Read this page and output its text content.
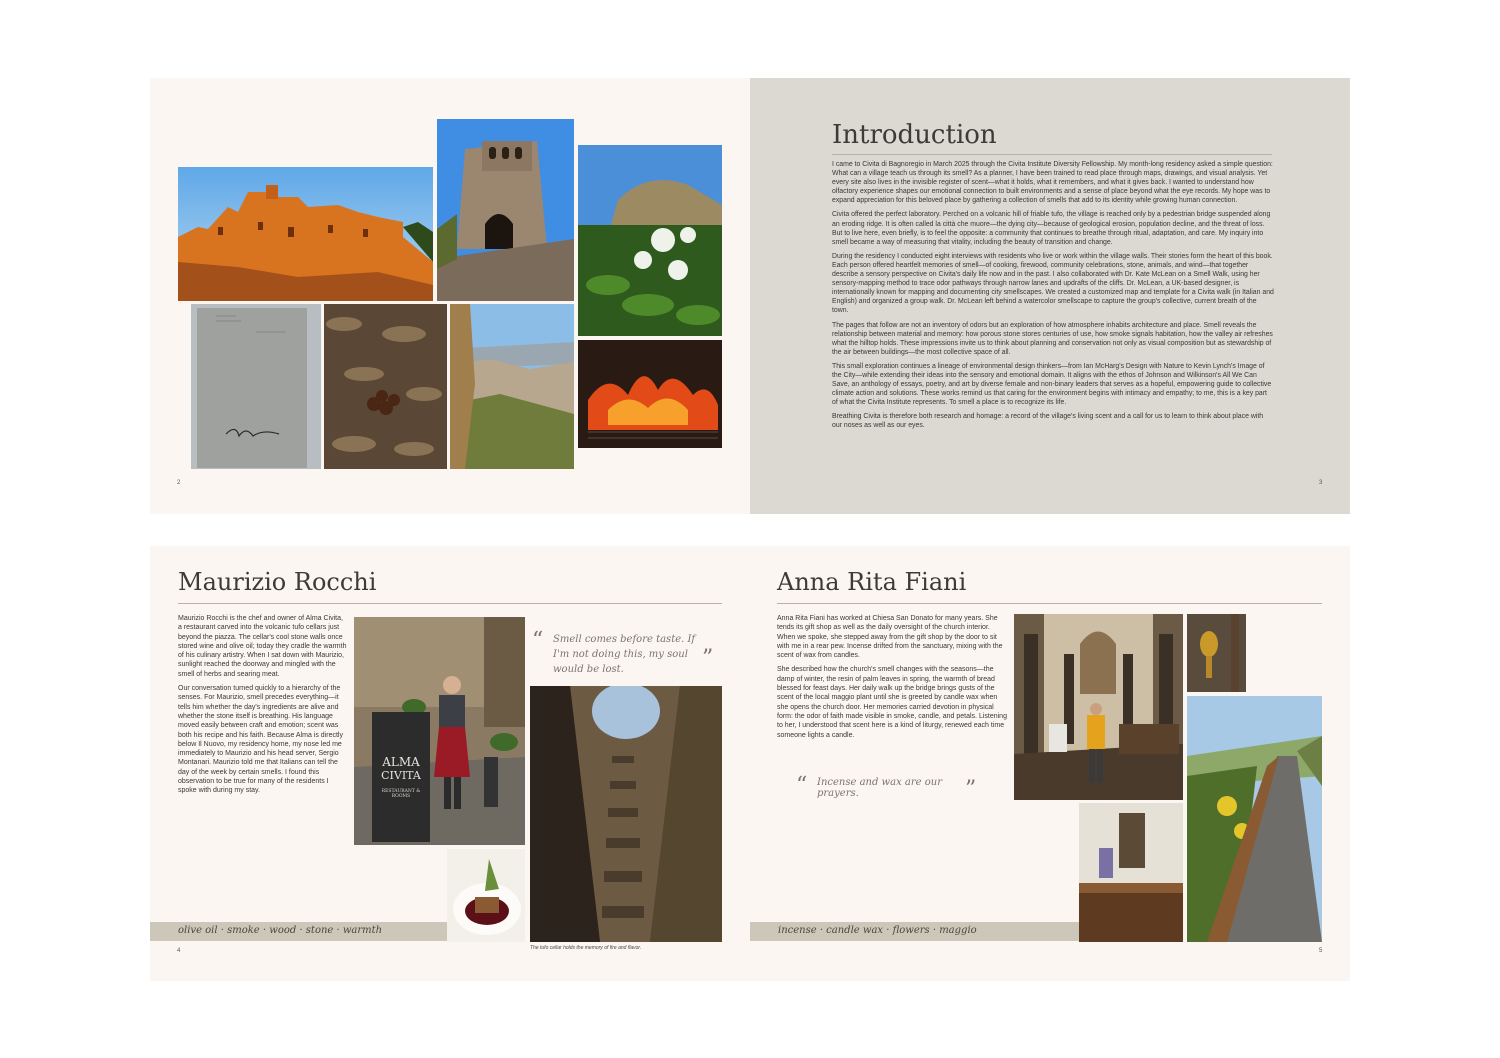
2
Introduction

I came to Civita di Bagnoregio in March 2025 through the Civita Institute Diversity Fellowship. My month-long residency asked a simple question: What can a village teach us through its smell? As a planner, I have been trained to read place through maps, drawings, and visual analysis. Yet every site also lives in the invisible register of scent—what it holds, what it remembers, and what it gives back. I wanted to understand how olfactory experience shapes our emotional connection to built environments and a sense of place beyond what the eye records. My hope was to expand appreciation for this beloved place by gathering a collection of smells that add to its identity while growing human connection.

Civita offered the perfect laboratory. Perched on a volcanic hill of friable tufo, the village is reached only by a pedestrian bridge suspended along an eroding ridge. It is often called la città che muore—the dying city—because of geological erosion, population decline, and the threat of loss. But to live here, even briefly, is to feel the opposite: a community that continues to breathe through ritual, adaptation, and care. My inquiry into smell became a way of measuring that vitality, including the beauty of transition and change.

During the residency I conducted eight interviews with residents who live or work within the village walls. Their stories form the heart of this book. Each person offered heartfelt memories of smell—of cooking, firewood, community celebrations, stone, animals, and wind—that together describe a sensory perspective on Civita's daily life now and in the past. I also collaborated with Dr. Kate McLean on a Smell Walk, using her sensory-mapping method to trace odor pathways through narrow lanes and updrafts of the cliffs. Dr. McLean, a UK-based designer, is internationally known for mapping and documenting city smellscapes. We created a customized map and template for a Civita walk (in Italian and English) and organized a group walk. Dr. McLean left behind a watercolor smellscape to capture the group's collective, current breath of the town.

The pages that follow are not an inventory of odors but an exploration of how atmosphere inhabits architecture and place. Smell reveals the relationship between material and memory: how porous stone stores centuries of use, how smoke signals habitation, how the valley air refreshes what the hilltop holds. These impressions invite us to think about planning and conservation not only as visual composition but as stewardship of the air between buildings—the most collective space of all.

This small exploration continues a lineage of environmental design thinkers—from Ian McHarg's Design with Nature to Kevin Lynch's Image of the City—while extending their ideas into the sensory and emotional domain. It aligns with the ethos of Johnson and Wilkinson's All We Can Save, an anthology of essays, poetry, and art by diverse female and non-binary leaders that serves as a hopeful, empowering guide to collective climate action and solutions. These works remind us that caring for the environment begins with intimacy and empathy; to me, this is a key part of what the Civita Institute represents. To smell a place is to recognize its life.

Breathing Civita is therefore both research and homage: a record of the village's living scent and a call for us to learn to think about place with our noses as well as our eyes.

3
Maurizio Rocchi

Maurizio Rocchi is the chef and owner of Alma Civita, a restaurant carved into the volcanic tufo cellars just beyond the piazza. The cellar's cool stone walls once stored wine and olive oil; today they cradle the warmth of his culinary artistry. When I sat down with Maurizio, sunlight reached the doorway and mingled with the smell of herbs and searing meat.

Our conversation turned quickly to a hierarchy of the senses. For Maurizio, smell precedes everything—it tells him whether the day's ingredients are alive and whether the stone itself is breathing. His language moved easily between craft and emotion; scent was both his recipe and his faith. Because Alma is directly below Il Nuovo, my residency home, my nose led me immediately to Maurizio and his head server, Sergio Montanari. Maurizio told me that Italians can tell the day of the week by certain smells. I found this observation to be true for many of the residents I spoke with during my stay.

ALMA
CIVITA
RESTAURANT & ROOMS
“ Smell comes before taste. If I'm not doing this, my soul would be lost.	”
olive oil · smoke · wood · stone · warmth
The tufo cellar holds the memory of fire and flavor.
4
Anna Rita Fiani

Anna Rita Fiani has worked at Chiesa San Donato for many years. She tends its gift shop as well as the daily oversight of the church interior. When we spoke, she stepped away from the gift shop by the door to sit with me in a rear pew. Incense drifted from the sanctuary, mixing with the scent of wax from candles.

She described how the church's smell changes with the seasons—the damp of winter, the resin of palm leaves in spring, the warmth of bread blessed for feast days. Her daily walk up the bridge brings gusts of the scent of the local maggio plant until she is greeted by candle wax when she opens the church door. Her memories carried devotion in physical form: the odor of faith made visible in smoke, candle, and petals. Listening to her, I understood that scent here is a kind of liturgy, renewed each time someone lights a candle.

“ Incense and wax are our prayers.	”
incense · candle wax · flowers · maggio
5
